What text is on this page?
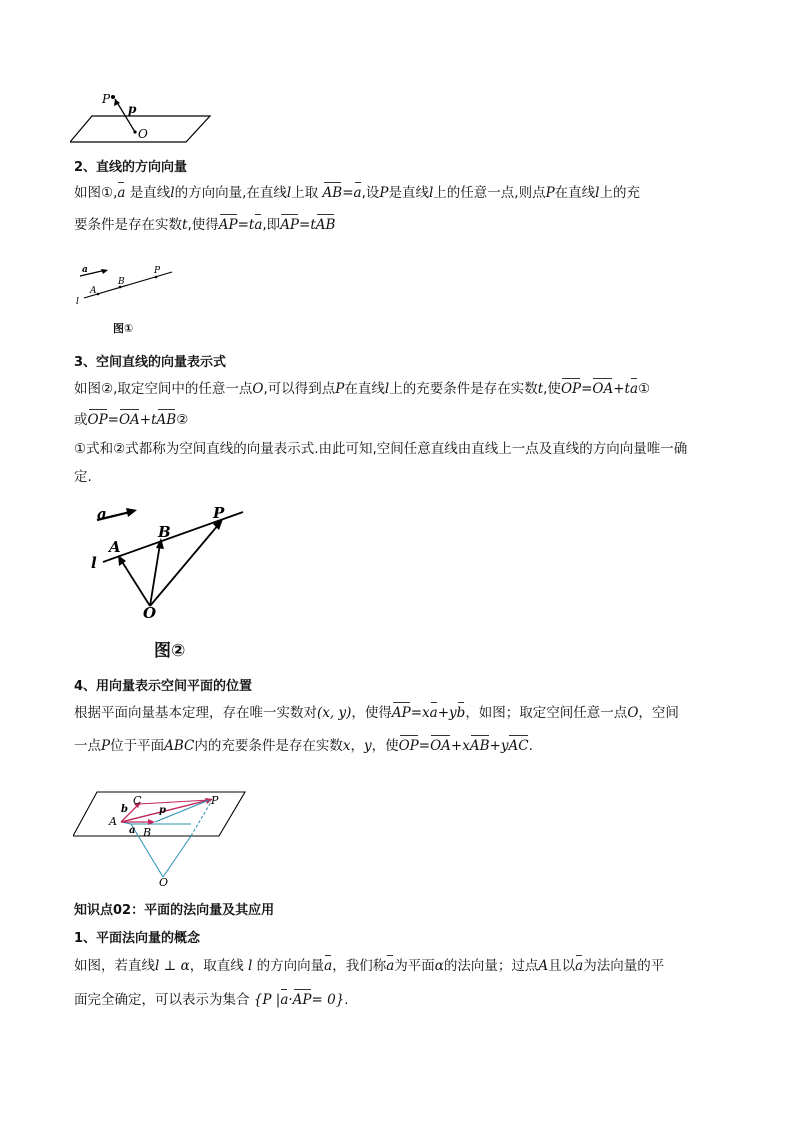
P
p
O
2、直线的方向向量
如图①,a 是直线l的方向向量,在直线l上取 AB=a,设P是直线l上的任意一点,则点P在直线l上的充
要条件是存在实数t,使得AP=ta,即AP=tAB
a
l
A
B
P
图①
3、空间直线的向量表示式
如图②,取定空间中的任意一点O,可以得到点P在直线l上的充要条件是存在实数t,使OP=OA+ta①
或OP=OA+tAB②
①式和②式都称为空间直线的向量表示式.由此可知,空间任意直线由直线上一点及直线的方向向量唯一确
定.
a
l
A
B
P
O
图②
4、用向量表示空间平面的位置
根据平面向量基本定理，存在唯一实数对(x, y)，使得AP=xa+yb，如图；取定空间任意一点O，空间
一点P位于平面ABC内的充要条件是存在实数x，y，使OP=OA+xAB+yAC.
A
B
C	P
O
a
b	p
知识点02：平面的法向量及其应用
1、平面法向量的概念
如图，若直线l ⊥ α，取直线 l 的方向向量a，我们称a为平面α的法向量；过点A且以a为法向量的平
面完全确定，可以表示为集合 {P |a·AP= 0}.
